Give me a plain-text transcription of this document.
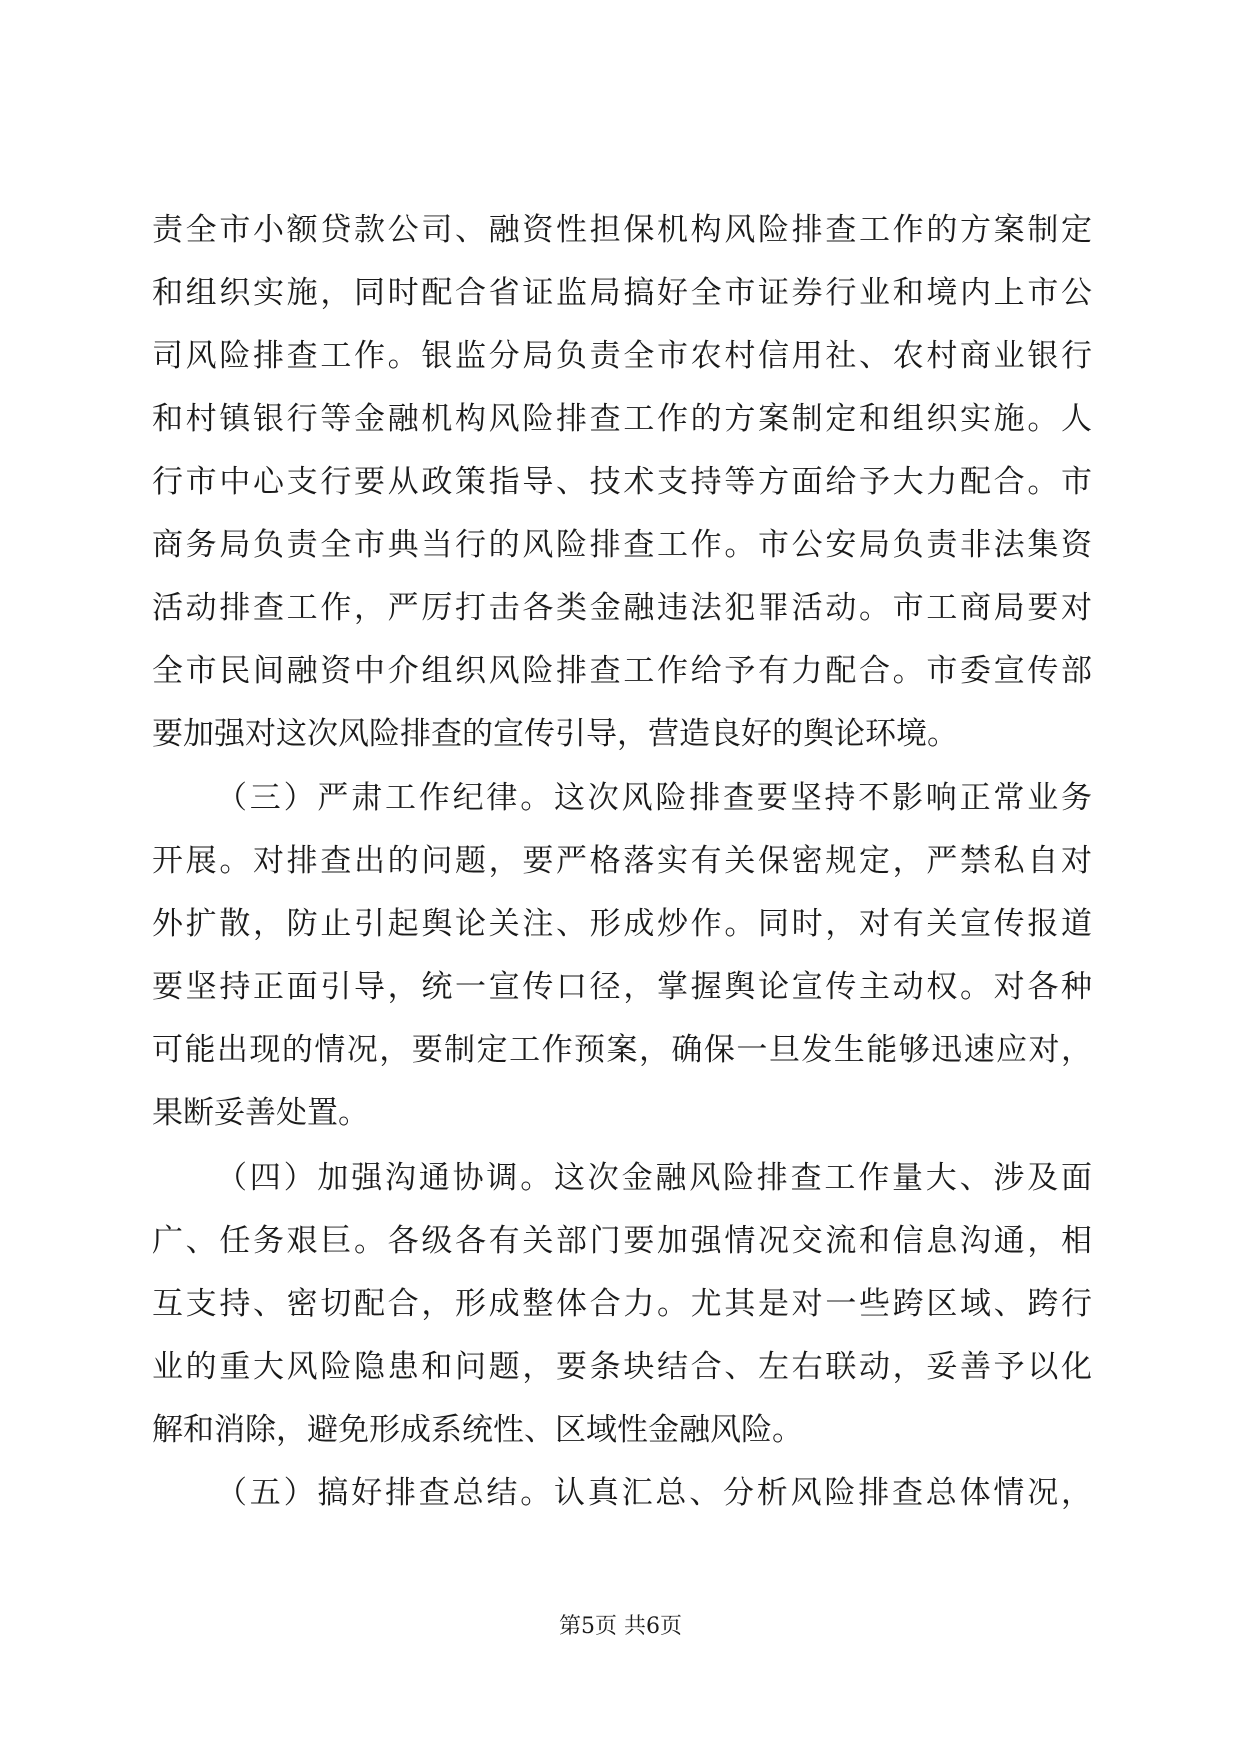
责全市小额贷款公司、融资性担保机构风险排查工作的方案制定
和组织实施，同时配合省证监局搞好全市证券行业和境内上市公
司风险排查工作。银监分局负责全市农村信用社、农村商业银行
和村镇银行等金融机构风险排查工作的方案制定和组织实施。人
行市中心支行要从政策指导、技术支持等方面给予大力配合。市
商务局负责全市典当行的风险排查工作。市公安局负责非法集资
活动排查工作，严厉打击各类金融违法犯罪活动。市工商局要对
全市民间融资中介组织风险排查工作给予有力配合。市委宣传部
要加强对这次风险排查的宣传引导，营造良好的舆论环境。
（三）严肃工作纪律。这次风险排查要坚持不影响正常业务
开展。对排查出的问题，要严格落实有关保密规定，严禁私自对
外扩散，防止引起舆论关注、形成炒作。同时，对有关宣传报道
要坚持正面引导，统一宣传口径，掌握舆论宣传主动权。对各种
可能出现的情况，要制定工作预案，确保一旦发生能够迅速应对，
果断妥善处置。
（四）加强沟通协调。这次金融风险排查工作量大、涉及面
广、任务艰巨。各级各有关部门要加强情况交流和信息沟通，相
互支持、密切配合，形成整体合力。尤其是对一些跨区域、跨行
业的重大风险隐患和问题，要条块结合、左右联动，妥善予以化
解和消除，避免形成系统性、区域性金融风险。
（五）搞好排查总结。认真汇总、分析风险排查总体情况，
第5页 共6页
